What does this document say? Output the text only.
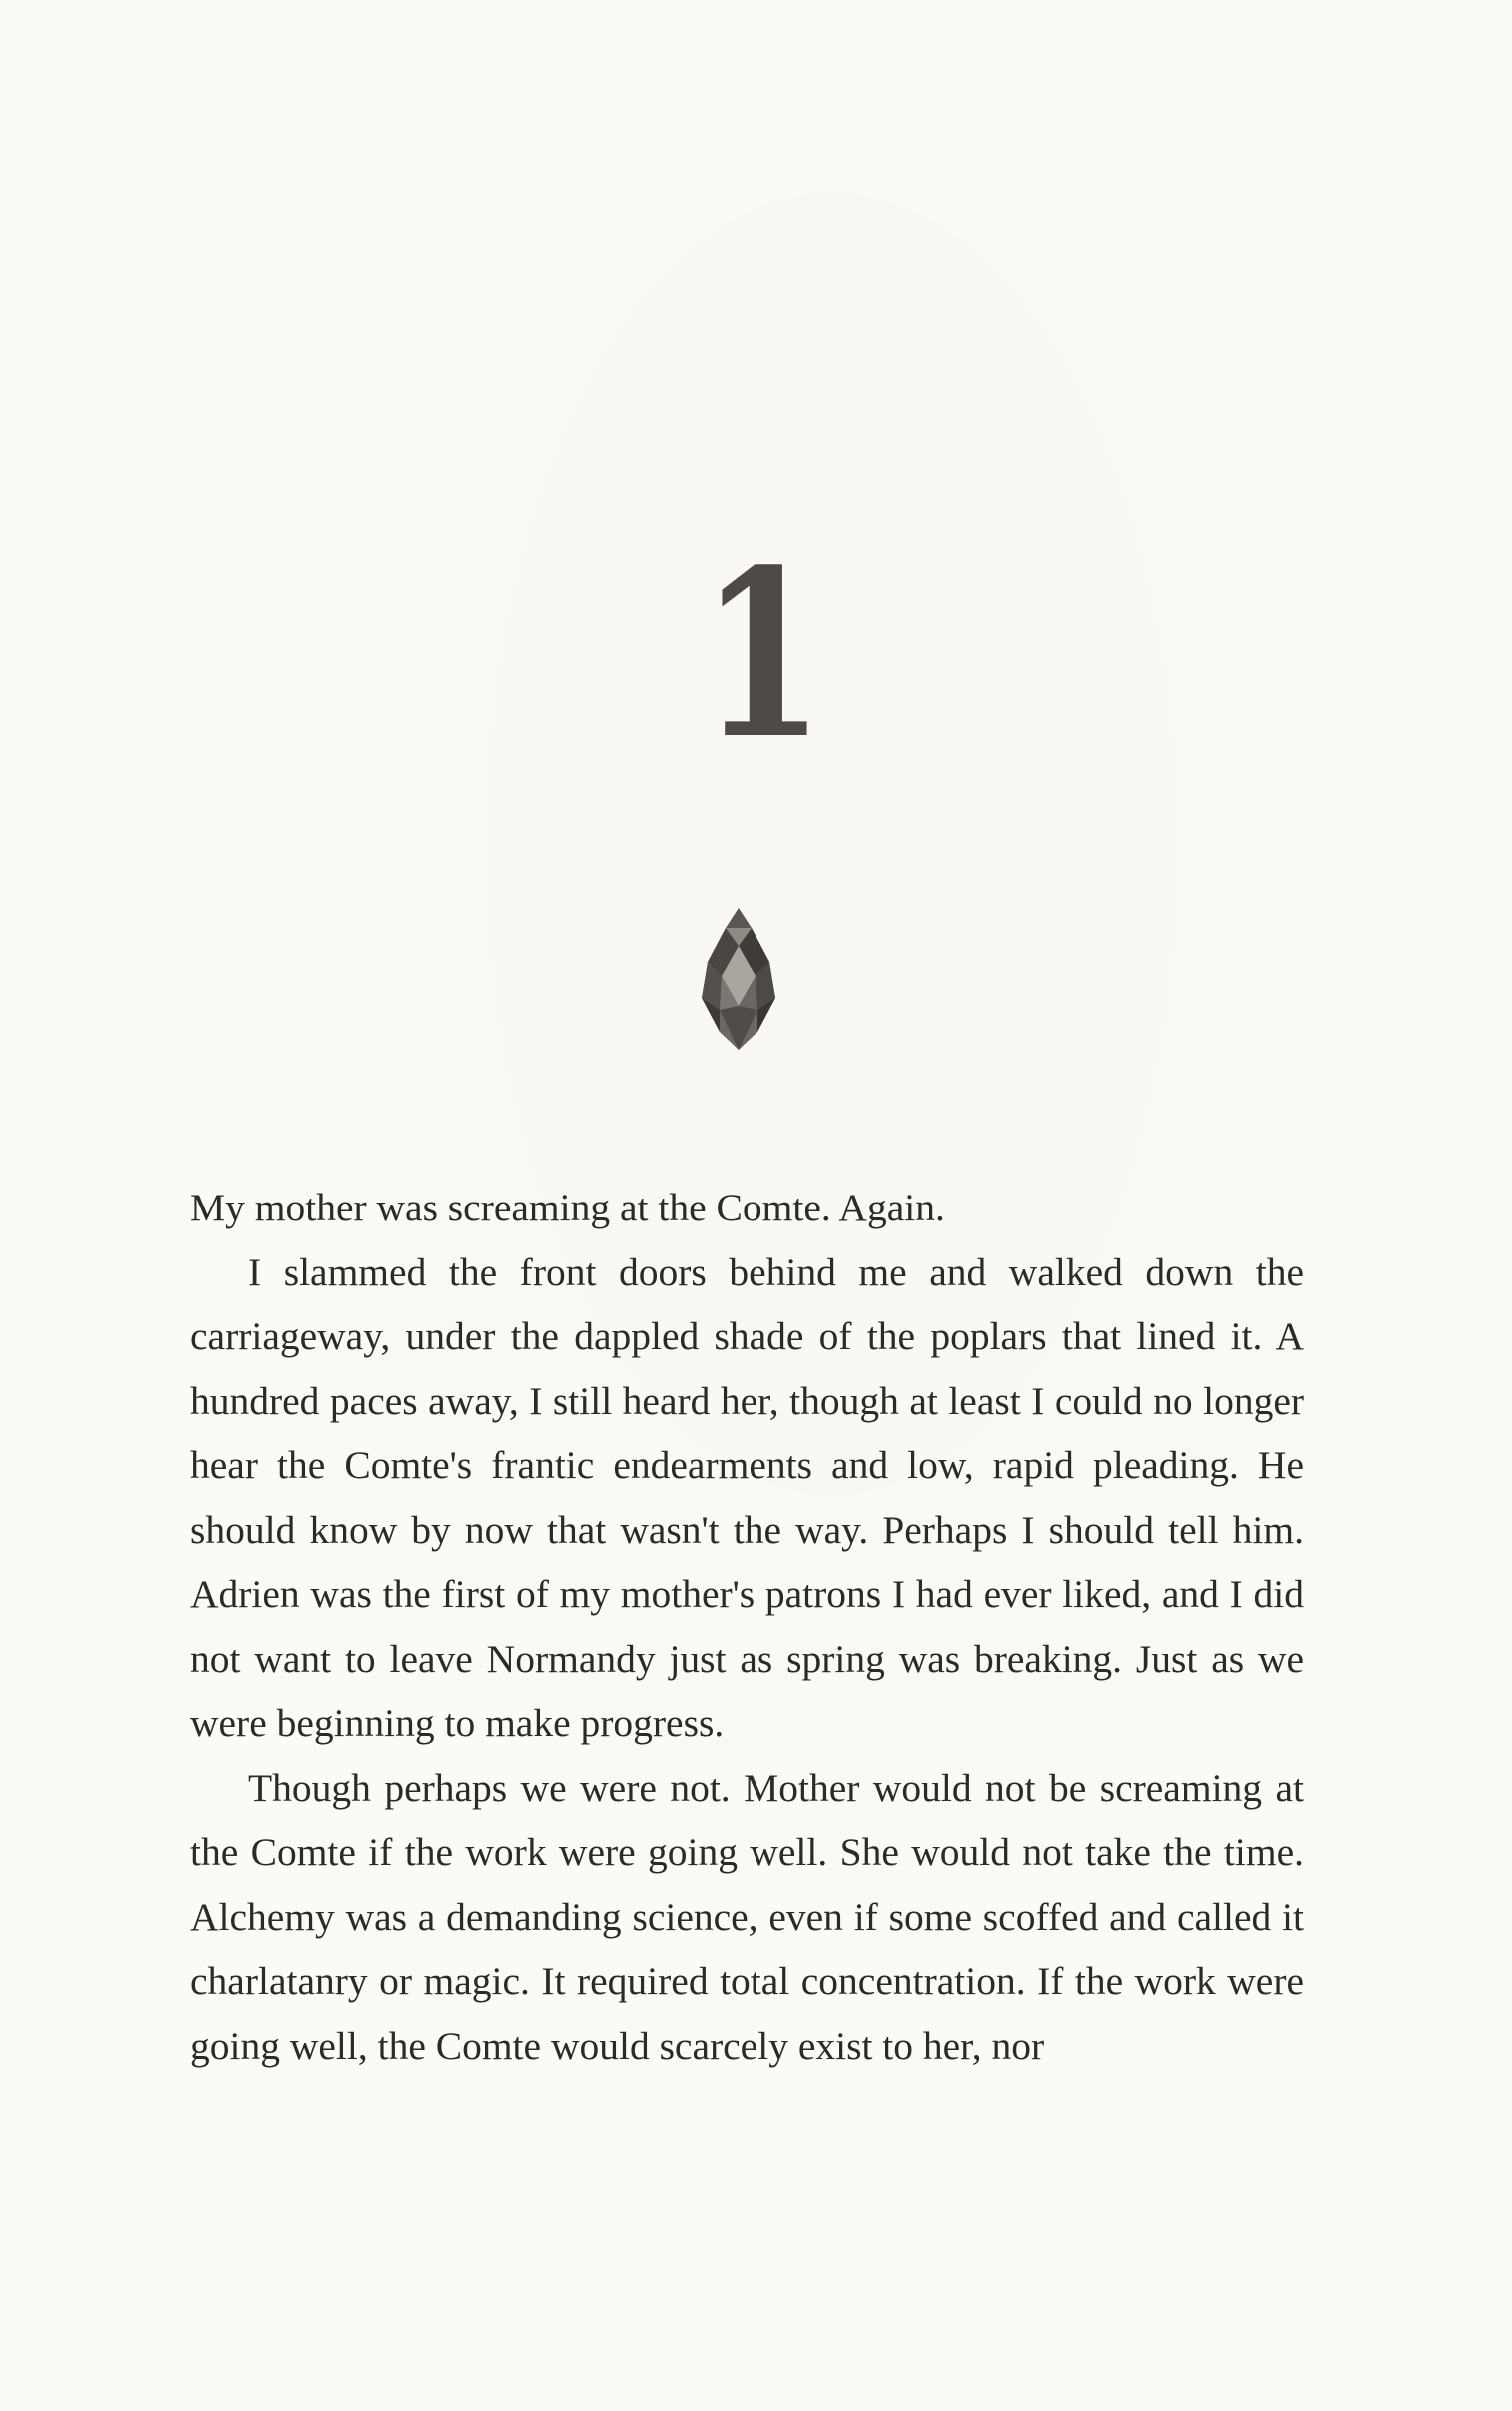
1

My mother was screaming at the Comte. Again.

I slammed the front doors behind me and walked down the carriageway, under the dappled shade of the poplars that lined it. A hundred paces away, I still heard her, though at least I could no longer hear the Comte's frantic endearments and low, rapid pleading. He should know by now that wasn't the way. Perhaps I should tell him. Adrien was the first of my mother's patrons I had ever liked, and I did not want to leave Normandy just as spring was breaking. Just as we were beginning to make progress.

Though perhaps we were not. Mother would not be screaming at the Comte if the work were going well. She would not take the time. Alchemy was a demanding science, even if some scoffed and called it charlatanry or magic. It required total concentration. If the work were going well, the Comte would scarcely exist to her, nor
